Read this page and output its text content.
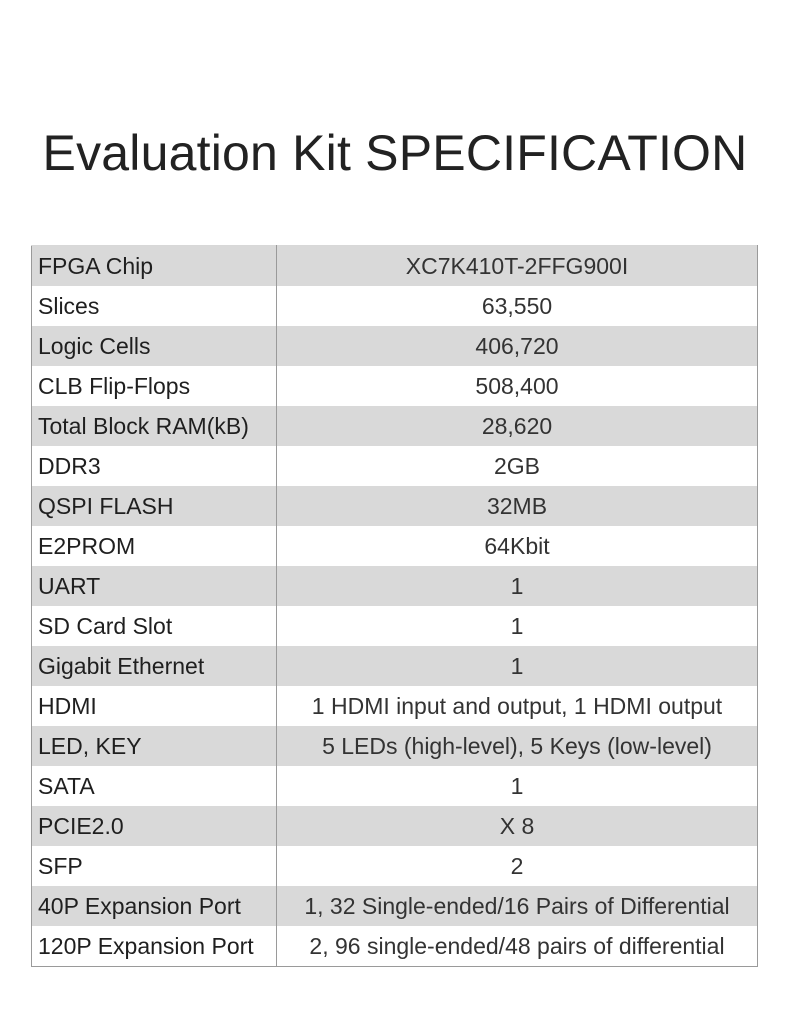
Evaluation Kit SPECIFICATION
FPGA Chip	XC7K410T-2FFG900I
Slices	63,550
Logic Cells	406,720
CLB Flip-Flops	508,400
Total Block RAM(kB)	28,620
DDR3	2GB
QSPI FLASH	32MB
E2PROM	64Kbit
UART	1
SD Card Slot	1
Gigabit Ethernet	1
HDMI	1 HDMI input and output, 1 HDMI output
LED, KEY	5 LEDs (high-level), 5 Keys (low-level)
SATA	1
PCIE2.0	X 8
SFP	2
40P Expansion Port	1, 32 Single-ended/16 Pairs of Differential
120P Expansion Port	2, 96 single-ended/48 pairs of differential
